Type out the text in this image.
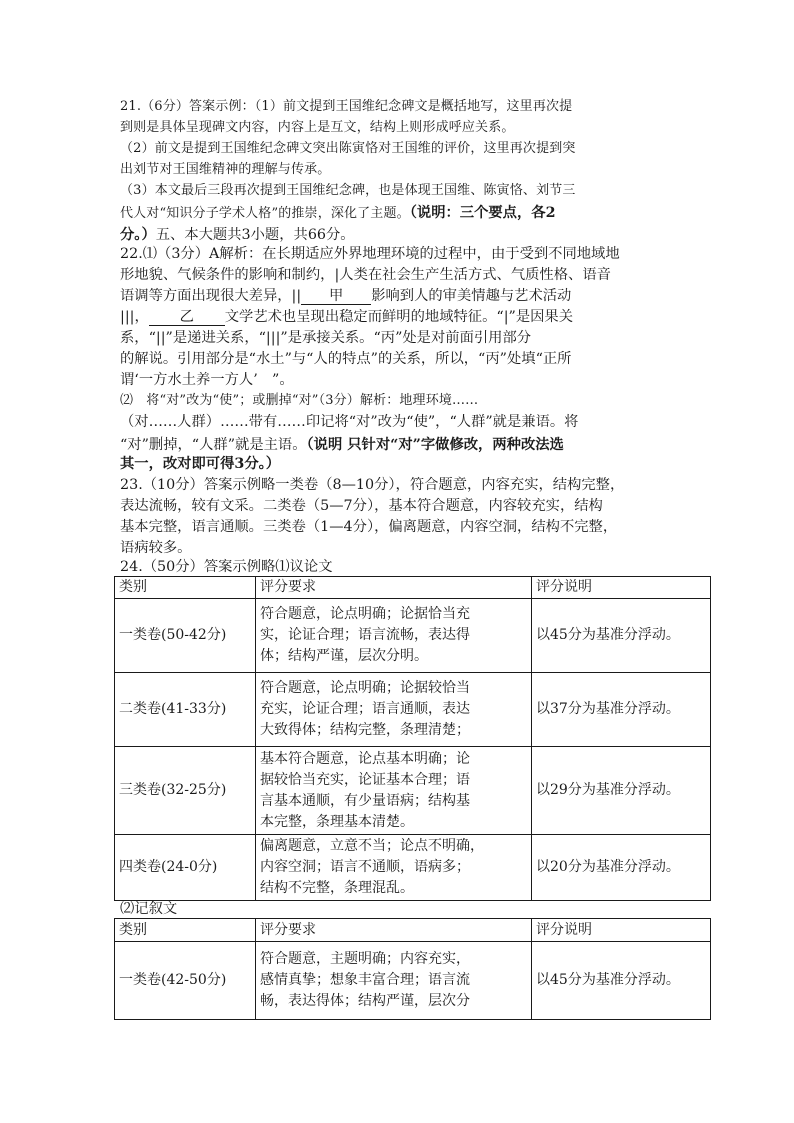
21.（6分）答案示例：（1）前文提到王国维纪念碑文是概括地写，这里再次提
到则是具体呈现碑文内容，内容上是互文，结构上则形成呼应关系。
（2）前文是提到王国维纪念碑文突出陈寅恪对王国维的评价，这里再次提到突
出刘节对王国维精神的理解与传承。
（3）本文最后三段再次提到王国维纪念碑，也是体现王国维、陈寅恪、刘节三
代人对“知识分子学术人格”的推崇，深化了主题。（说明：三个要点，各2
分。）五、本大题共3小题，共66分。
22.⑴（3分）A解析：在长期适应外界地理环境的过程中，由于受到不同地域地
形地貌、气候条件的影响和制约，|人类在社会生产生活方式、气质性格、语音
语调等方面出现很大差异，|| 甲 影响到人的审美情趣与艺术活动
|||， 乙 文学艺术也呈现出稳定而鲜明的地域特征。“|”是因果关
系，“||”是递进关系，“|||”是承接关系。“丙”处是对前面引用部分
的解说。引用部分是“水土”与“人的特点”的关系，所以，“丙”处填“正所
谓‘一方水土养一方人’　”。
⑵　将“对”改为“使”；或删掉“对”（3分）解析：地理环境……
（对……人群）……带有……印记将“对”改为“使”，“人群”就是兼语。将
“对”删掉，“人群”就是主语。（说明 只针对“对”字做修改，两种改法选
其一，改对即可得3分。）
23.（10分）答案示例略一类卷（8—10分），符合题意，内容充实，结构完整，
表达流畅，较有文采。二类卷（5—7分），基本符合题意，内容较充实，结构
基本完整，语言通顺。三类卷（1—4分），偏离题意，内容空洞，结构不完整，
语病较多。
24.（50分）答案示例略⑴议论文
类别	评分要求	评分说明
一类卷(50-42分)	符合题意，论点明确；论据恰当充
实，论证合理；语言流畅，表达得
体；结构严谨，层次分明。	以45分为基准分浮动。
二类卷(41-33分)	符合题意，论点明确；论据较恰当
充实，论证合理；语言通顺，表达
大致得体；结构完整，条理清楚；	以37分为基准分浮动。
三类卷(32-25分)	基本符合题意，论点基本明确；论
据较恰当充实，论证基本合理；语
言基本通顺，有少量语病；结构基
本完整，条理基本清楚。	以29分为基准分浮动。
四类卷(24-0分)	偏离题意，立意不当；论点不明确，
内容空洞；语言不通顺，语病多；
结构不完整，条理混乱。	以20分为基准分浮动。
⑵记叙文
类别	评分要求	评分说明
一类卷(42-50分)	符合题意，主题明确；内容充实，
感情真挚；想象丰富合理；语言流
畅，表达得体；结构严谨，层次分	以45分为基准分浮动。
